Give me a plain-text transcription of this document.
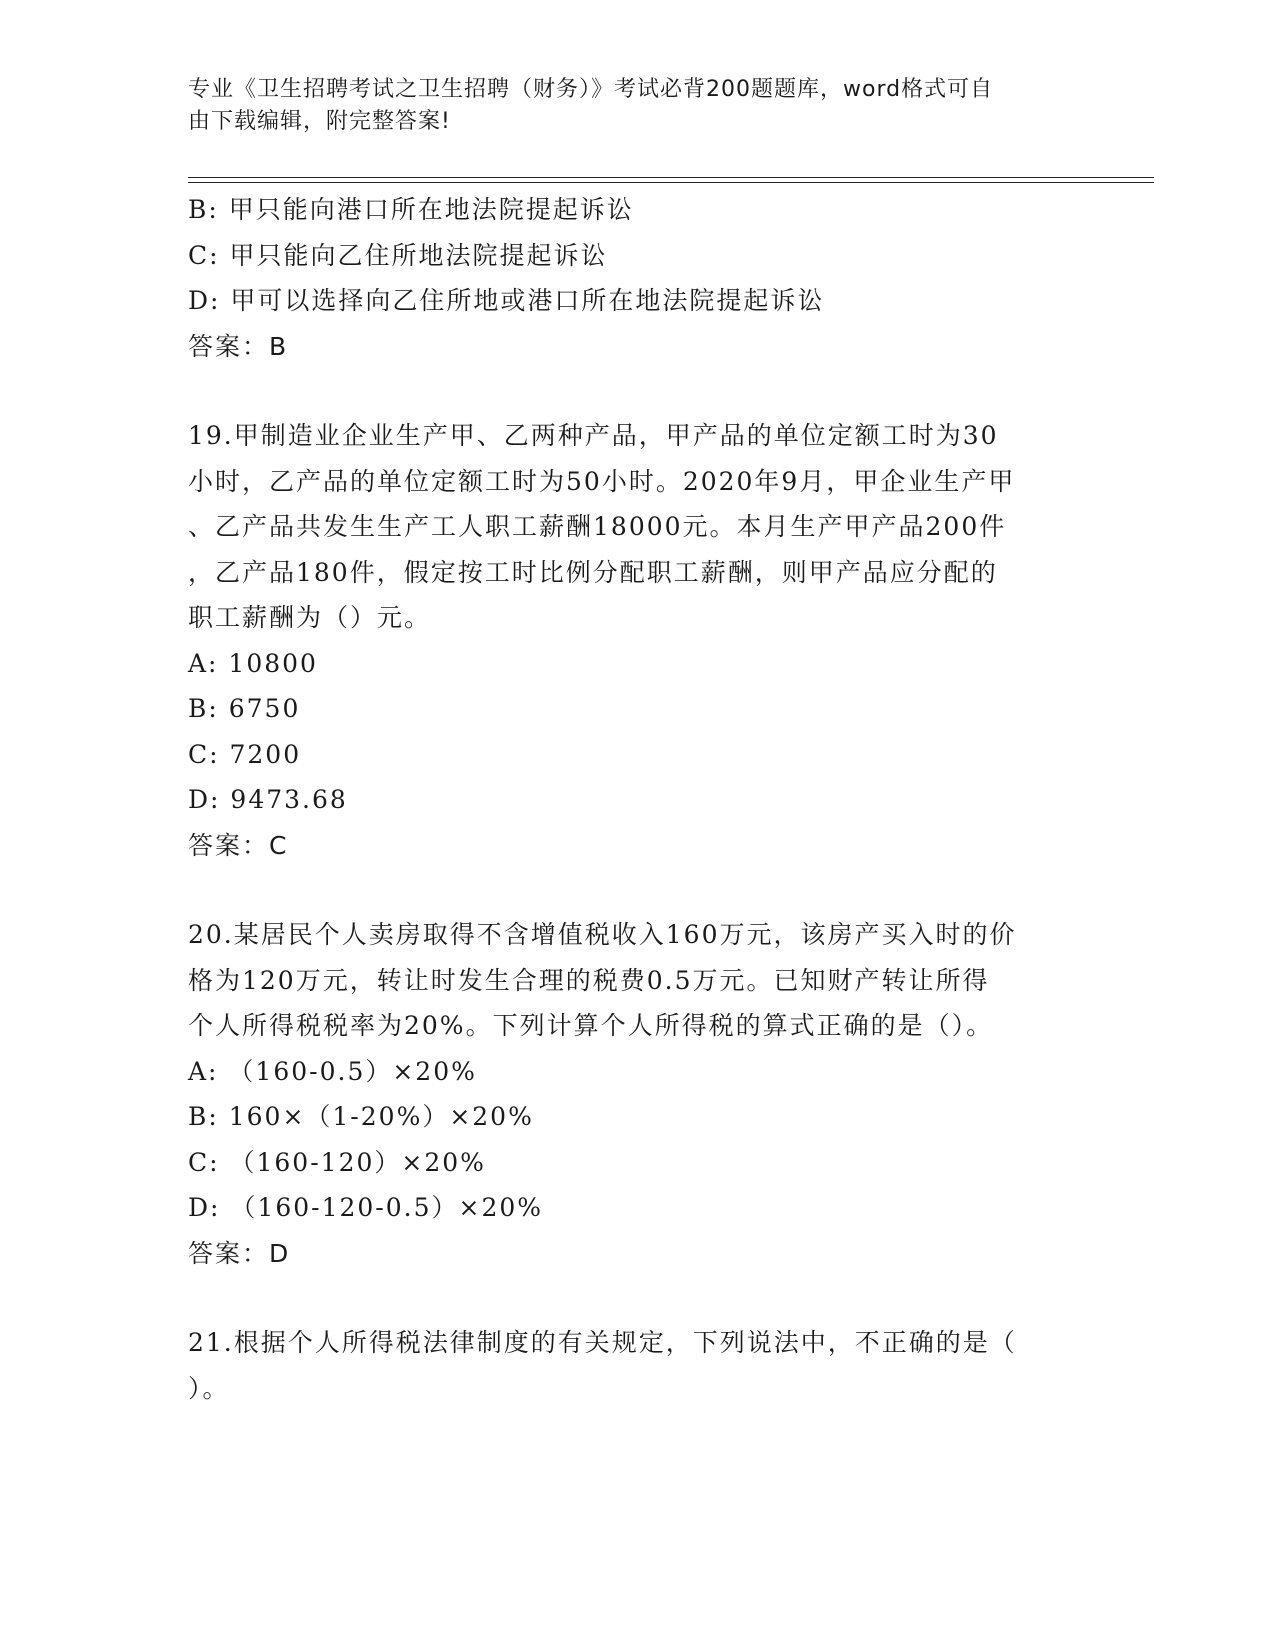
专业《卫生招聘考试之卫生招聘（财务）》考试必背200题题库，word格式可自

由下载编辑，附完整答案!

B: 甲只能向港口所在地法院提起诉讼

C: 甲只能向乙住所地法院提起诉讼

D: 甲可以选择向乙住所地或港口所在地法院提起诉讼

答案：B

19.甲制造业企业生产甲、乙两种产品，甲产品的单位定额工时为30

小时，乙产品的单位定额工时为50小时。2020年9月，甲企业生产甲

、乙产品共发生生产工人职工薪酬18000元。本月生产甲产品200件

，乙产品180件，假定按工时比例分配职工薪酬，则甲产品应分配的

职工薪酬为（）元。

A: 10800

B: 6750

C: 7200

D: 9473.68

答案：C

20.某居民个人卖房取得不含增值税收入160万元，该房产买入时的价

格为120万元，转让时发生合理的税费0.5万元。已知财产转让所得

个人所得税税率为20%。下列计算个人所得税的算式正确的是（）。

A: （160-0.5）×20%

B: 160×（1-20%）×20%

C: （160-120）×20%

D: （160-120-0.5）×20%

答案：D

21.根据个人所得税法律制度的有关规定，下列说法中，不正确的是（

）。
